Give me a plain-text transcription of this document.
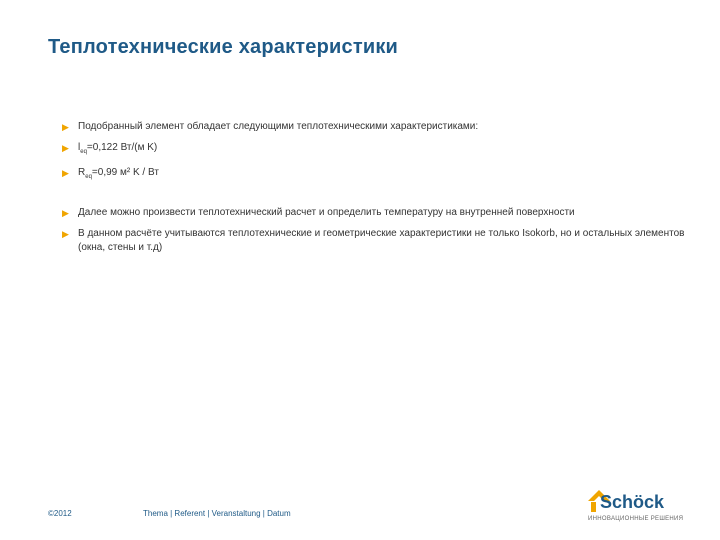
Теплотехнические характеристики
▶ Подобранный элемент обладает следующими теплотехническими характеристиками:
▶ $l_{eq}=0,122$ Вт/(м K)
▶ $R_{eq}=0,99$ м² K / Вт
▶ Далее можно произвести теплотехнический расчет и определить температуру на внутренней поверхности
▶ В данном расчёте учитываются теплотехнические и геометрические характеристики не только Isokorb, но и остальных элементов (окна, стены и т.д)
©2012	Thema | Referent | Veranstaltung | Datum
Schöck
ИННОВАЦИОННЫЕ РЕШЕНИЯ
